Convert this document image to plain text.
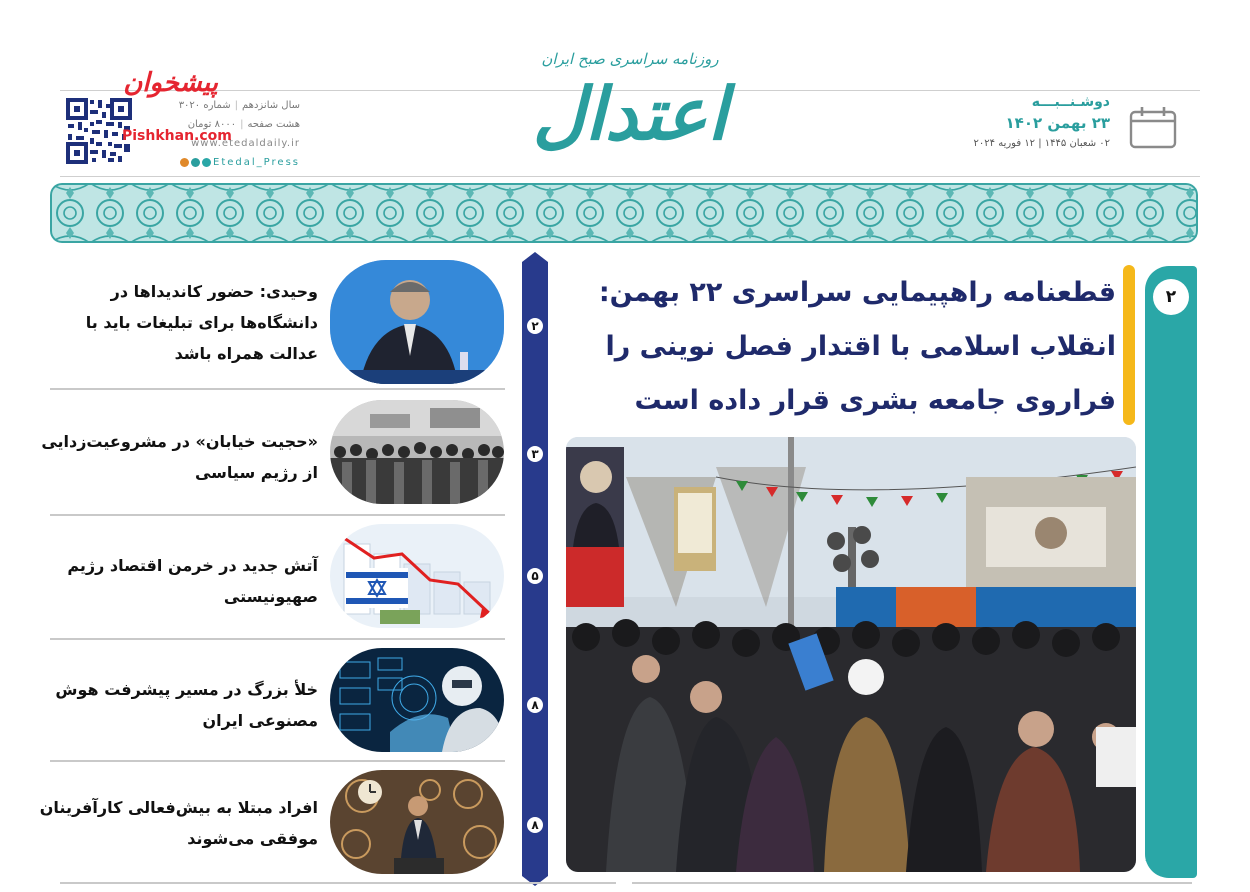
دوشـنــبـــه
۲۳ بهمن ۱۴۰۲
۰۲ شعبان ۱۴۴۵ | ۱۲ فوریه ۲۰۲۴
روزنامه سراسری صبح ایران
اعتدال
سال شانزدهم|شماره ۳۰۲۰
هشت صفحه|۸۰۰۰ تومان
www.etedaldaily.ir
Etedal_Press
پیشخوان
Pishkhan.com
وحیدی: حضور کاندیداها در دانشگاه‌ها برای تبلیغات باید با عدالت همراه باشد
«حجیت خیابان» در مشروعیت‌زدایی از رژیم سیاسی
آتش جدید در خرمن اقتصاد رژیم صهیونیستی
خلأ بزرگ در مسیر پیشرفت هوش مصنوعی ایران
افراد مبتلا به بیش‌فعالی کارآفرینان موفقی می‌شوند
۲
۳
۵
۸
۸
۲
قطعنامه راهپیمایی سراسری ۲۲ بهمن: انقلاب اسلامی با اقتدار فصل نوینی را فراروی جامعه بشری قرار داده است
